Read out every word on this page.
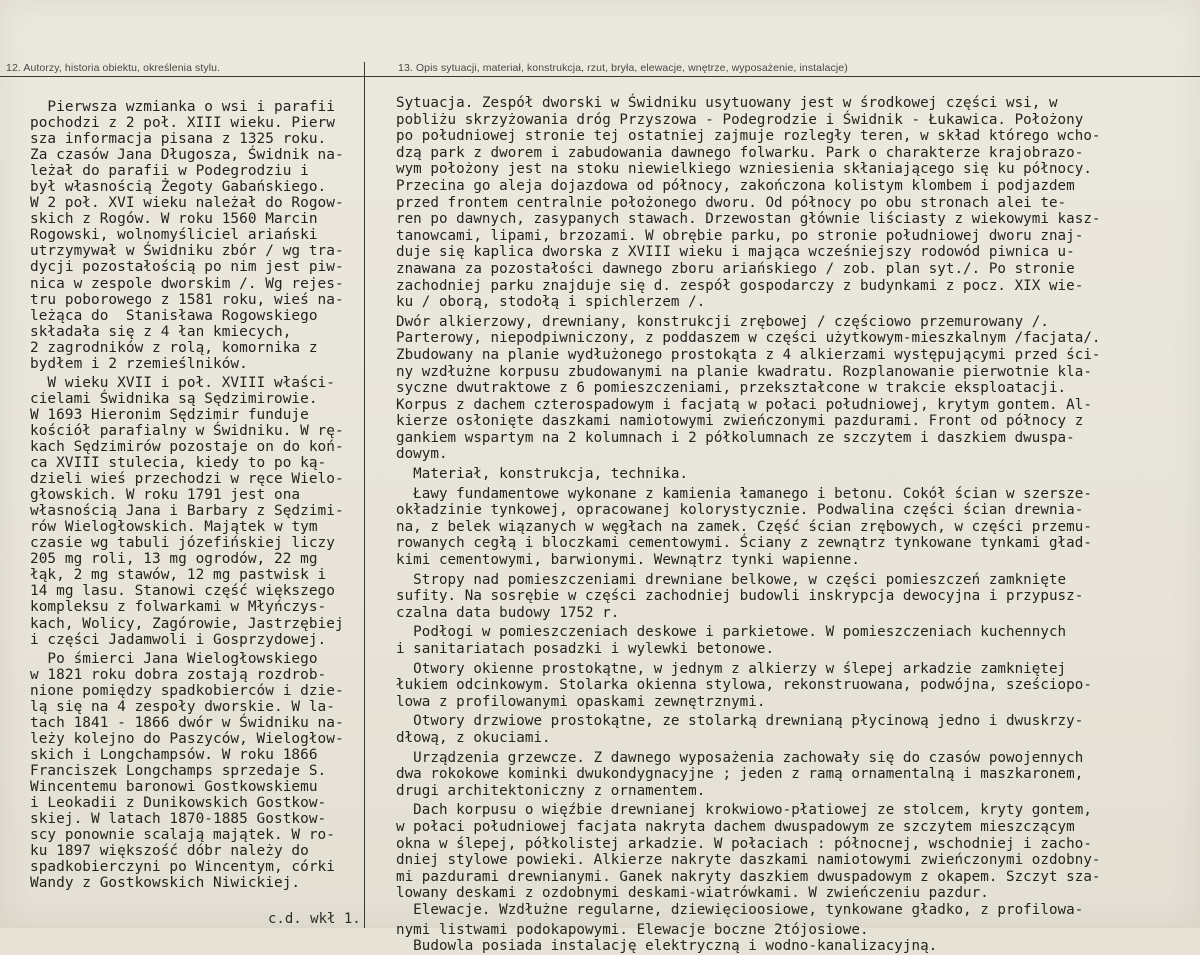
12. Autorzy, historia obiektu, określenia stylu.	13. Opis sytuacji, materiał, konstrukcja, rzut, bryła, elewacje, wnętrze, wyposażenie, instalacje)
Pierwsza wzmianka o wsi i parafii
pochodzi z 2 poł. XIII wieku. Pierw
sza informacja pisana z 1325 roku.
Za czasów Jana Długosza, Świdnik na-
leżał do parafii w Podegrodziu i
był własnością Żegoty Gabańskiego.
W 2 poł. XVI wieku należał do Rogow-
skich z Rogów. W roku 1560 Marcin
Rogowski, wolnomyśliciel ariański
utrzymywał w Świdniku zbór / wg tra-
dycji pozostałością po nim jest piw-
nica w zespole dworskim /. Wg rejes-
tru poborowego z 1581 roku, wieś na-
leżąca do  Stanisława Rogowskiego
składała się z 4 łan kmiecych,
2 zagrodników z rolą, komornika z
bydłem i 2 rzemieślników.
W wieku XVII i poł. XVIII właści-
cielami Świdnika są Sędzimirowie.
W 1693 Hieronim Sędzimir funduje
kościół parafialny w Świdniku. W rę-
kach Sędzimirów pozostaje on do koń-
ca XVIII stulecia, kiedy to po ką-
dzieli wieś przechodzi w ręce Wielo-
głowskich. W roku 1791 jest ona
własnością Jana i Barbary z Sędzimi-
rów Wielogłowskich. Majątek w tym
czasie wg tabuli józefińskiej liczy
205 mg roli, 13 mg ogrodów, 22 mg
łąk, 2 mg stawów, 12 mg pastwisk i
14 mg lasu. Stanowi część większego
kompleksu z folwarkami w Młyńczys-
kach, Wolicy, Zagórowie, Jastrzębiej
i części Jadamwoli i Gosprzydowej.
Po śmierci Jana Wielogłowskiego
w 1821 roku dobra zostają rozdrob-
nione pomiędzy spadkobierców i dzie-
lą się na 4 zespoły dworskie. W la-
tach 1841 - 1866 dwór w Świdniku na-
leży kolejno do Paszyców, Wielogłow-
skich i Longchampsów. W roku 1866
Franciszek Longchamps sprzedaje S.
Wincentemu baronowi Gostkowskiemu
i Leokadii z Dunikowskich Gostkow-
skiej. W latach 1870-1885 Gostkow-
scy ponownie scalają majątek. W ro-
ku 1897 większość dóbr należy do
spadkobierczyni po Wincentym, córki
Wandy z Gostkowskich Niwickiej.
Sytuacja. Zespół dworski w Świdniku usytuowany jest w środkowej części wsi, w
pobliżu skrzyżowania dróg Przyszowa - Podegrodzie i Świdnik - Łukawica. Położony
po południowej stronie tej ostatniej zajmuje rozległy teren, w skład którego wcho-
dzą park z dworem i zabudowania dawnego folwarku. Park o charakterze krajobrazo-
wym położony jest na stoku niewielkiego wzniesienia skłaniającego się ku północy.
Przecina go aleja dojazdowa od północy, zakończona kolistym klombem i podjazdem
przed frontem centralnie położonego dworu. Od północy po obu stronach alei te-
ren po dawnych, zasypanych stawach. Drzewostan głównie liściasty z wiekowymi kasz-
tanowcami, lipami, brzozami. W obrębie parku, po stronie południowej dworu znaj-
duje się kaplica dworska z XVIII wieku i mająca wcześniejszy rodowód piwnica u-
znawana za pozostałości dawnego zboru ariańskiego / zob. plan syt./. Po stronie
zachodniej parku znajduje się d. zespół gospodarczy z budynkami z pocz. XIX wie-
ku / oborą, stodołą i spichlerzem /.
Dwór alkierzowy, drewniany, konstrukcji zrębowej / częściowo przemurowany /.
Parterowy, niepodpiwniczony, z poddaszem w części użytkowym-mieszkalnym /facjata/.
Zbudowany na planie wydłużonego prostokąta z 4 alkierzami występującymi przed ści-
ny wzdłużne korpusu zbudowanymi na planie kwadratu. Rozplanowanie pierwotnie kla-
syczne dwutraktowe z 6 pomieszczeniami, przekształcone w trakcie eksploatacji.
Korpus z dachem czterospadowym i facjatą w połaci południowej, krytym gontem. Al-
kierze osłonięte daszkami namiotowymi zwieńczonymi pazdurami. Front od północy z
gankiem wspartym na 2 kolumnach i 2 półkolumnach ze szczytem i daszkiem dwuspa-
dowym.
Materiał, konstrukcja, technika.
Ławy fundamentowe wykonane z kamienia łamanego i betonu. Cokół ścian w szersze-
okładzinie tynkowej, opracowanej kolorystycznie. Podwalina części ścian drewnia-
na, z belek wiązanych w węgłach na zamek. Część ścian zrębowych, w części przemu-
rowanych cegłą i bloczkami cementowymi. Ściany z zewnątrz tynkowane tynkami gład-
kimi cementowymi, barwionymi. Wewnątrz tynki wapienne.
Stropy nad pomieszczeniami drewniane belkowe, w części pomieszczeń zamknięte
sufity. Na sosrębie w części zachodniej budowli inskrypcja dewocyjna i przypusz-
czalna data budowy 1752 r.
Podłogi w pomieszczeniach deskowe i parkietowe. W pomieszczeniach kuchennych
i sanitariatach posadzki i wylewki betonowe.
Otwory okienne prostokątne, w jednym z alkierzy w ślepej arkadzie zamkniętej
łukiem odcinkowym. Stolarka okienna stylowa, rekonstruowana, podwójna, sześciopo-
lowa z profilowanymi opaskami zewnętrznymi.
Otwory drzwiowe prostokątne, ze stolarką drewnianą płycinową jedno i dwuskrzy-
dłową, z okuciami.
Urządzenia grzewcze. Z dawnego wyposażenia zachowały się do czasów powojennych
dwa rokokowe kominki dwukondygnacyjne ; jeden z ramą ornamentalną i maszkaronem,
drugi architektoniczny z ornamentem.
Dach korpusu o więźbie drewnianej krokwiowo-płatiowej ze stolcem, kryty gontem,
w połaci południowej facjata nakryta dachem dwuspadowym ze szczytem mieszczącym
okna w ślepej, półkolistej arkadzie. W połaciach : północnej, wschodniej i zacho-
dniej stylowe powieki. Alkierze nakryte daszkami namiotowymi zwieńczonymi ozdobny-
mi pazdurami drewnianymi. Ganek nakryty daszkiem dwuspadowym z okapem. Szczyt sza-
lowany deskami z ozdobnymi deskami-wiatrówkami. W zwieńczeniu pazdur.
Elewacje. Wzdłużne regularne, dziewięcioosiowe, tynkowane gładko, z profilowa-
nymi listwami podokapowymi. Elewacje boczne 2tójosiowe.
Budowla posiada instalację elektryczną i wodno-kanalizacyjną.
c.d. wkł 1.
